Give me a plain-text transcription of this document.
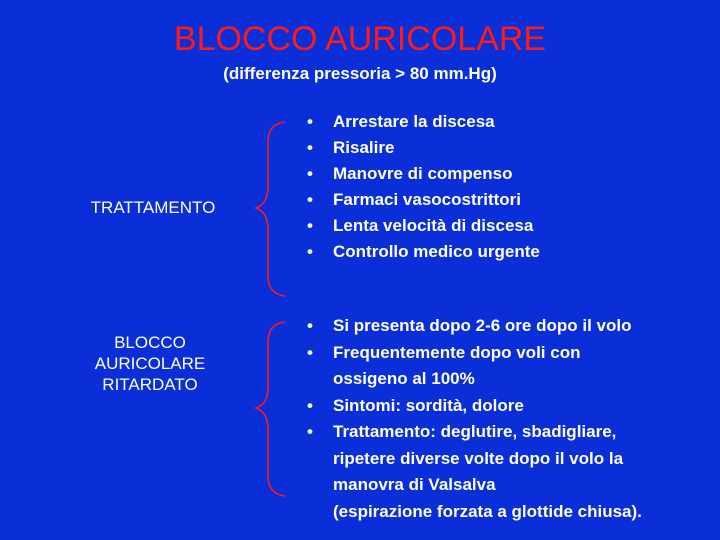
BLOCCO AURICOLARE
(differenza pressoria > 80 mm.Hg)
TRATTAMENTO
BLOCCO
AURICOLARE
RITARDATO
• Arrestare la discesa
• Risalire
• Manovre di compenso
• Farmaci vasocostrittori
• Lenta velocità di discesa
• Controllo medico urgente
• Si presenta dopo 2-6 ore dopo il volo
• Frequentemente dopo voli con
ossigeno al 100%
• Sintomi: sordità, dolore
• Trattamento: deglutire, sbadigliare,
ripetere diverse volte dopo il volo la
manovra di Valsalva
(espirazione forzata a glottide chiusa).
